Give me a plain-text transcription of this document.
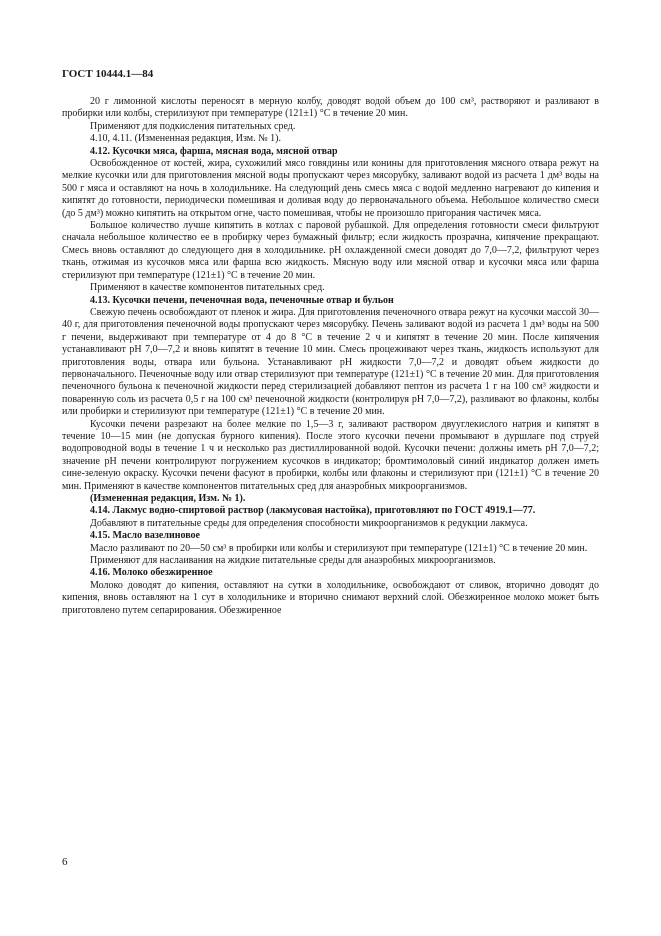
ГОСТ 10444.1—84

20 г лимонной кислоты переносят в мерную колбу, доводят водой объем до 100 см³, растворяют и разливают в пробирки или колбы, стерилизуют при температуре (121±1) °С в течение 20 мин.

Применяют для подкисления питательных сред.

4.10, 4.11. (Измененная редакция, Изм. № 1).

4.12. Кусочки мяса, фарша, мясная вода, мясной отвар

Освобожденное от костей, жира, сухожилий мясо говядины или конины для приготовления мясного отвара режут на мелкие кусочки или для приготовления мясной воды пропускают через мясорубку, заливают водой из расчета 1 дм³ воды на 500 г мяса и оставляют на ночь в холодильнике. На следующий день смесь мяса с водой медленно нагревают до кипения и кипятят до готовности, периодически помешивая и доливая воду до первоначального объема. Небольшое количество смеси (до 5 дм³) можно кипятить на открытом огне, часто помешивая, чтобы не произошло пригорания частичек мяса.

Большое количество лучше кипятить в котлах с паровой рубашкой. Для определения готовности смеси фильтруют сначала небольшое количество ее в пробирку через бумажный фильтр; если жидкость прозрачна, кипячение прекращают. Смесь вновь оставляют до следующего дня в холодильнике. рН охлажденной смеси доводят до 7,0—7,2, фильтруют через ткань, отжимая из кусочков мяса или фарша всю жидкость. Мясную воду или мясной отвар и кусочки мяса или фарша стерилизуют при температуре (121±1) °С в течение 20 мин.

Применяют в качестве компонентов питательных сред.

4.13. Кусочки печени, печеночная вода, печеночные отвар и бульон

Свежую печень освобождают от пленок и жира. Для приготовления печеночного отвара режут на кусочки массой 30—40 г, для приготовления печеночной воды пропускают через мясорубку. Печень заливают водой из расчета 1 дм³ воды на 500 г печени, выдерживают при температуре от 4 до 8 °С в течение 2 ч и кипятят в течение 20 мин. После кипячения устанавливают рН 7,0—7,2 и вновь кипятят в течение 10 мин. Смесь процеживают через ткань, жидкость используют для приготовления воды, отвара или бульона. Устанавливают рН жидкости 7,0—7,2 и доводят объем жидкости до первоначального. Печеночные воду или отвар стерилизуют при температуре (121±1) °С в течение 20 мин. Для приготовления печеночного бульона к печеночной жидкости перед стерилизацией добавляют пептон из расчета 1 г на 100 см³ жидкости и поваренную соль из расчета 0,5 г на 100 см³ печеночной жидкости (контролируя рН 7,0—7,2), разливают во флаконы, колбы или пробирки и стерилизуют при температуре (121±1) °С в течение 20 мин.

Кусочки печени разрезают на более мелкие по 1,5—3 г, заливают раствором двууглекислого натрия и кипятят в течение 10—15 мин (не допуская бурного кипения). После этого кусочки печени промывают в дуршлаге под струей водопроводной воды в течение 1 ч и несколько раз дистиллированной водой. Кусочки печени: должны иметь рН 7,0—7,2; значение рН печени контролируют погружением кусочков в индикатор; бромтимоловый синий индикатор должен иметь сине-зеленую окраску. Кусочки печени фасуют в пробирки, колбы или флаконы и стерилизуют при (121±1) °С в течение 20 мин. Применяют в качестве компонентов питательных сред для анаэробных микроорганизмов.

(Измененная редакция, Изм. № 1).

4.14. Лакмус водно-спиртовой раствор (лакмусовая настойка), приготовляют по ГОСТ 4919.1—77.

Добавляют в питательные среды для определения способности микроорганизмов к редукции лакмуса.

4.15. Масло вазелиновое

Масло разливают по 20—50 см³ в пробирки или колбы и стерилизуют при температуре (121±1) °С в течение 20 мин.

Применяют для наслаивания на жидкие питательные среды для анаэробных микроорганизмов.

4.16. Молоко обезжиренное

Молоко доводят до кипения, оставляют на сутки в холодильнике, освобождают от сливок, вторично доводят до кипения, вновь оставляют на 1 сут в холодильнике и вторично снимают верхний слой. Обезжиренное молоко может быть приготовлено путем сепарирования. Обезжиренное

6
